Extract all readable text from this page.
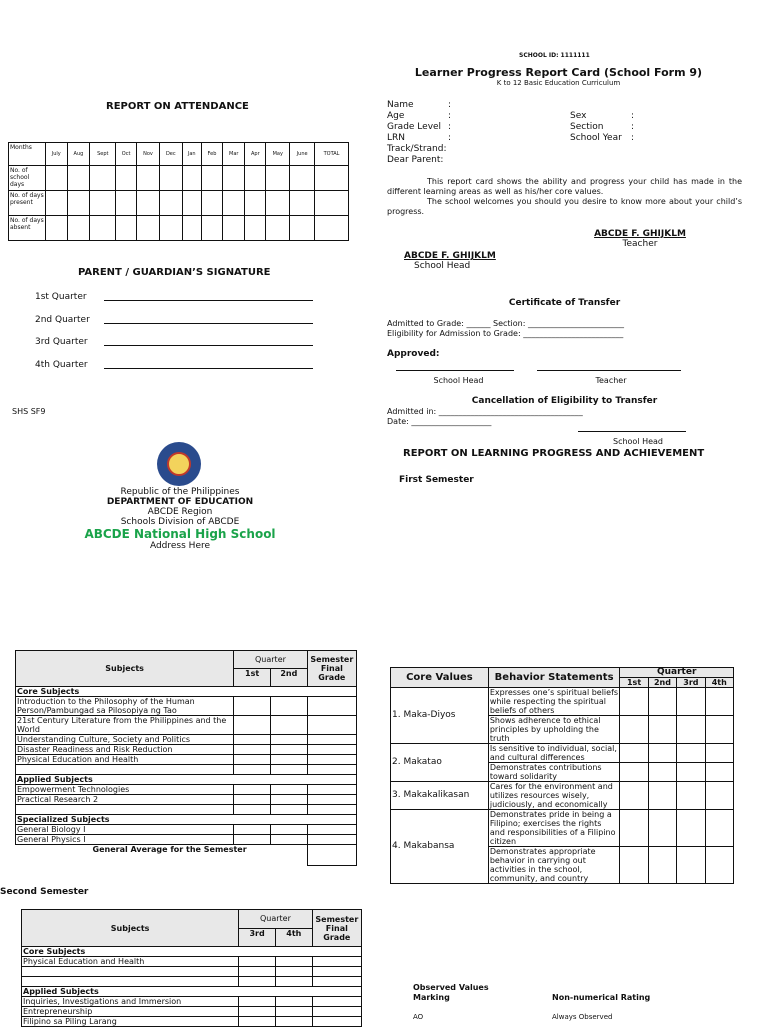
REPORT ON ATTENDANCE
Months	July	Aug	Sept	Oct	Nov	Dec	Jan	Feb	Mar	Apr	May	June	TOTAL
No. of school days													
No. of days present													
No. of days absent													
PARENT / GUARDIAN’S SIGNATURE
1st Quarter
2nd Quarter
3rd Quarter
4th Quarter
SHS SF9
Republic of the Philippines
DEPARTMENT OF EDUCATION
ABCDE Region
Schools Division of ABCDE
ABCDE National High School
Address Here
SCHOOL ID: 1111111
Learner Progress Report Card (School Form 9)
K to 12 Basic Education Curriculum
Name	:
Age	:
Grade Level :
LRN	:
Track/Strand:
Dear Parent:
Sex	:
Section	:
School Year :
This report card shows the ability and progress your child has made in the different learning areas as well as his/her core values.
The school welcomes you should you desire to know more about your child’s progress.
ABCDE F. GHIJKLM
Teacher
ABCDE F. GHIJKLM
School Head
Certificate of Transfer
Admitted to Grade: ______ Section: ________________________
Eligibility for Admission to Grade: _________________________
Approved:
School Head	Teacher
Cancellation of Eligibility to Transfer
Admitted in: ____________________________________
Date: ____________________
School Head
REPORT ON LEARNING PROGRESS AND ACHIEVEMENT
First Semester
Subjects	Quarter		Semester Final Grade
	1st	2nd	
Core Subjects			
Introduction to the Philosophy of the Human Person/Pambungad sa Pilosopiya ng Tao			
21st Century Literature from the Philippines and the World			
Understanding Culture, Society and Politics			
Disaster Readiness and Risk Reduction			
Physical Education and Health			

Applied Subjects			
Empowerment Technologies			
Practical Research 2			

Specialized Subjects			
General Biology I			
General Physics I			
General Average for the Semester			
Second Semester
Subjects	Quarter		Semester Final Grade
	3rd	4th	
Core Subjects			
Physical Education and Health			

Applied Subjects			
Inquiries, Investigations and Immersion			
Entrepreneurship			
Filipino sa Piling Larang			
Core Values	Behavior Statements	Quarter			
		1st	2nd	3rd	4th
1. Maka-Diyos	Expresses one’s spiritual beliefs while respecting the spiritual beliefs of others				
	Shows adherence to ethical principles by upholding the truth				
2. Makatao	Is sensitive to individual, social, and cultural differences				
	Demonstrates contributions toward solidarity				
3. Makakalikasan	Cares for the environment and utilizes resources wisely, judiciously, and economically				
4. Makabansa	Demonstrates pride in being a Filipino; exercises the rights and responsibilities of a Filipino citizen				
	Demonstrates appropriate behavior in carrying out activities in the school, community, and country				
Observed Values
Marking	Non-numerical Rating
AO	Always Observed
